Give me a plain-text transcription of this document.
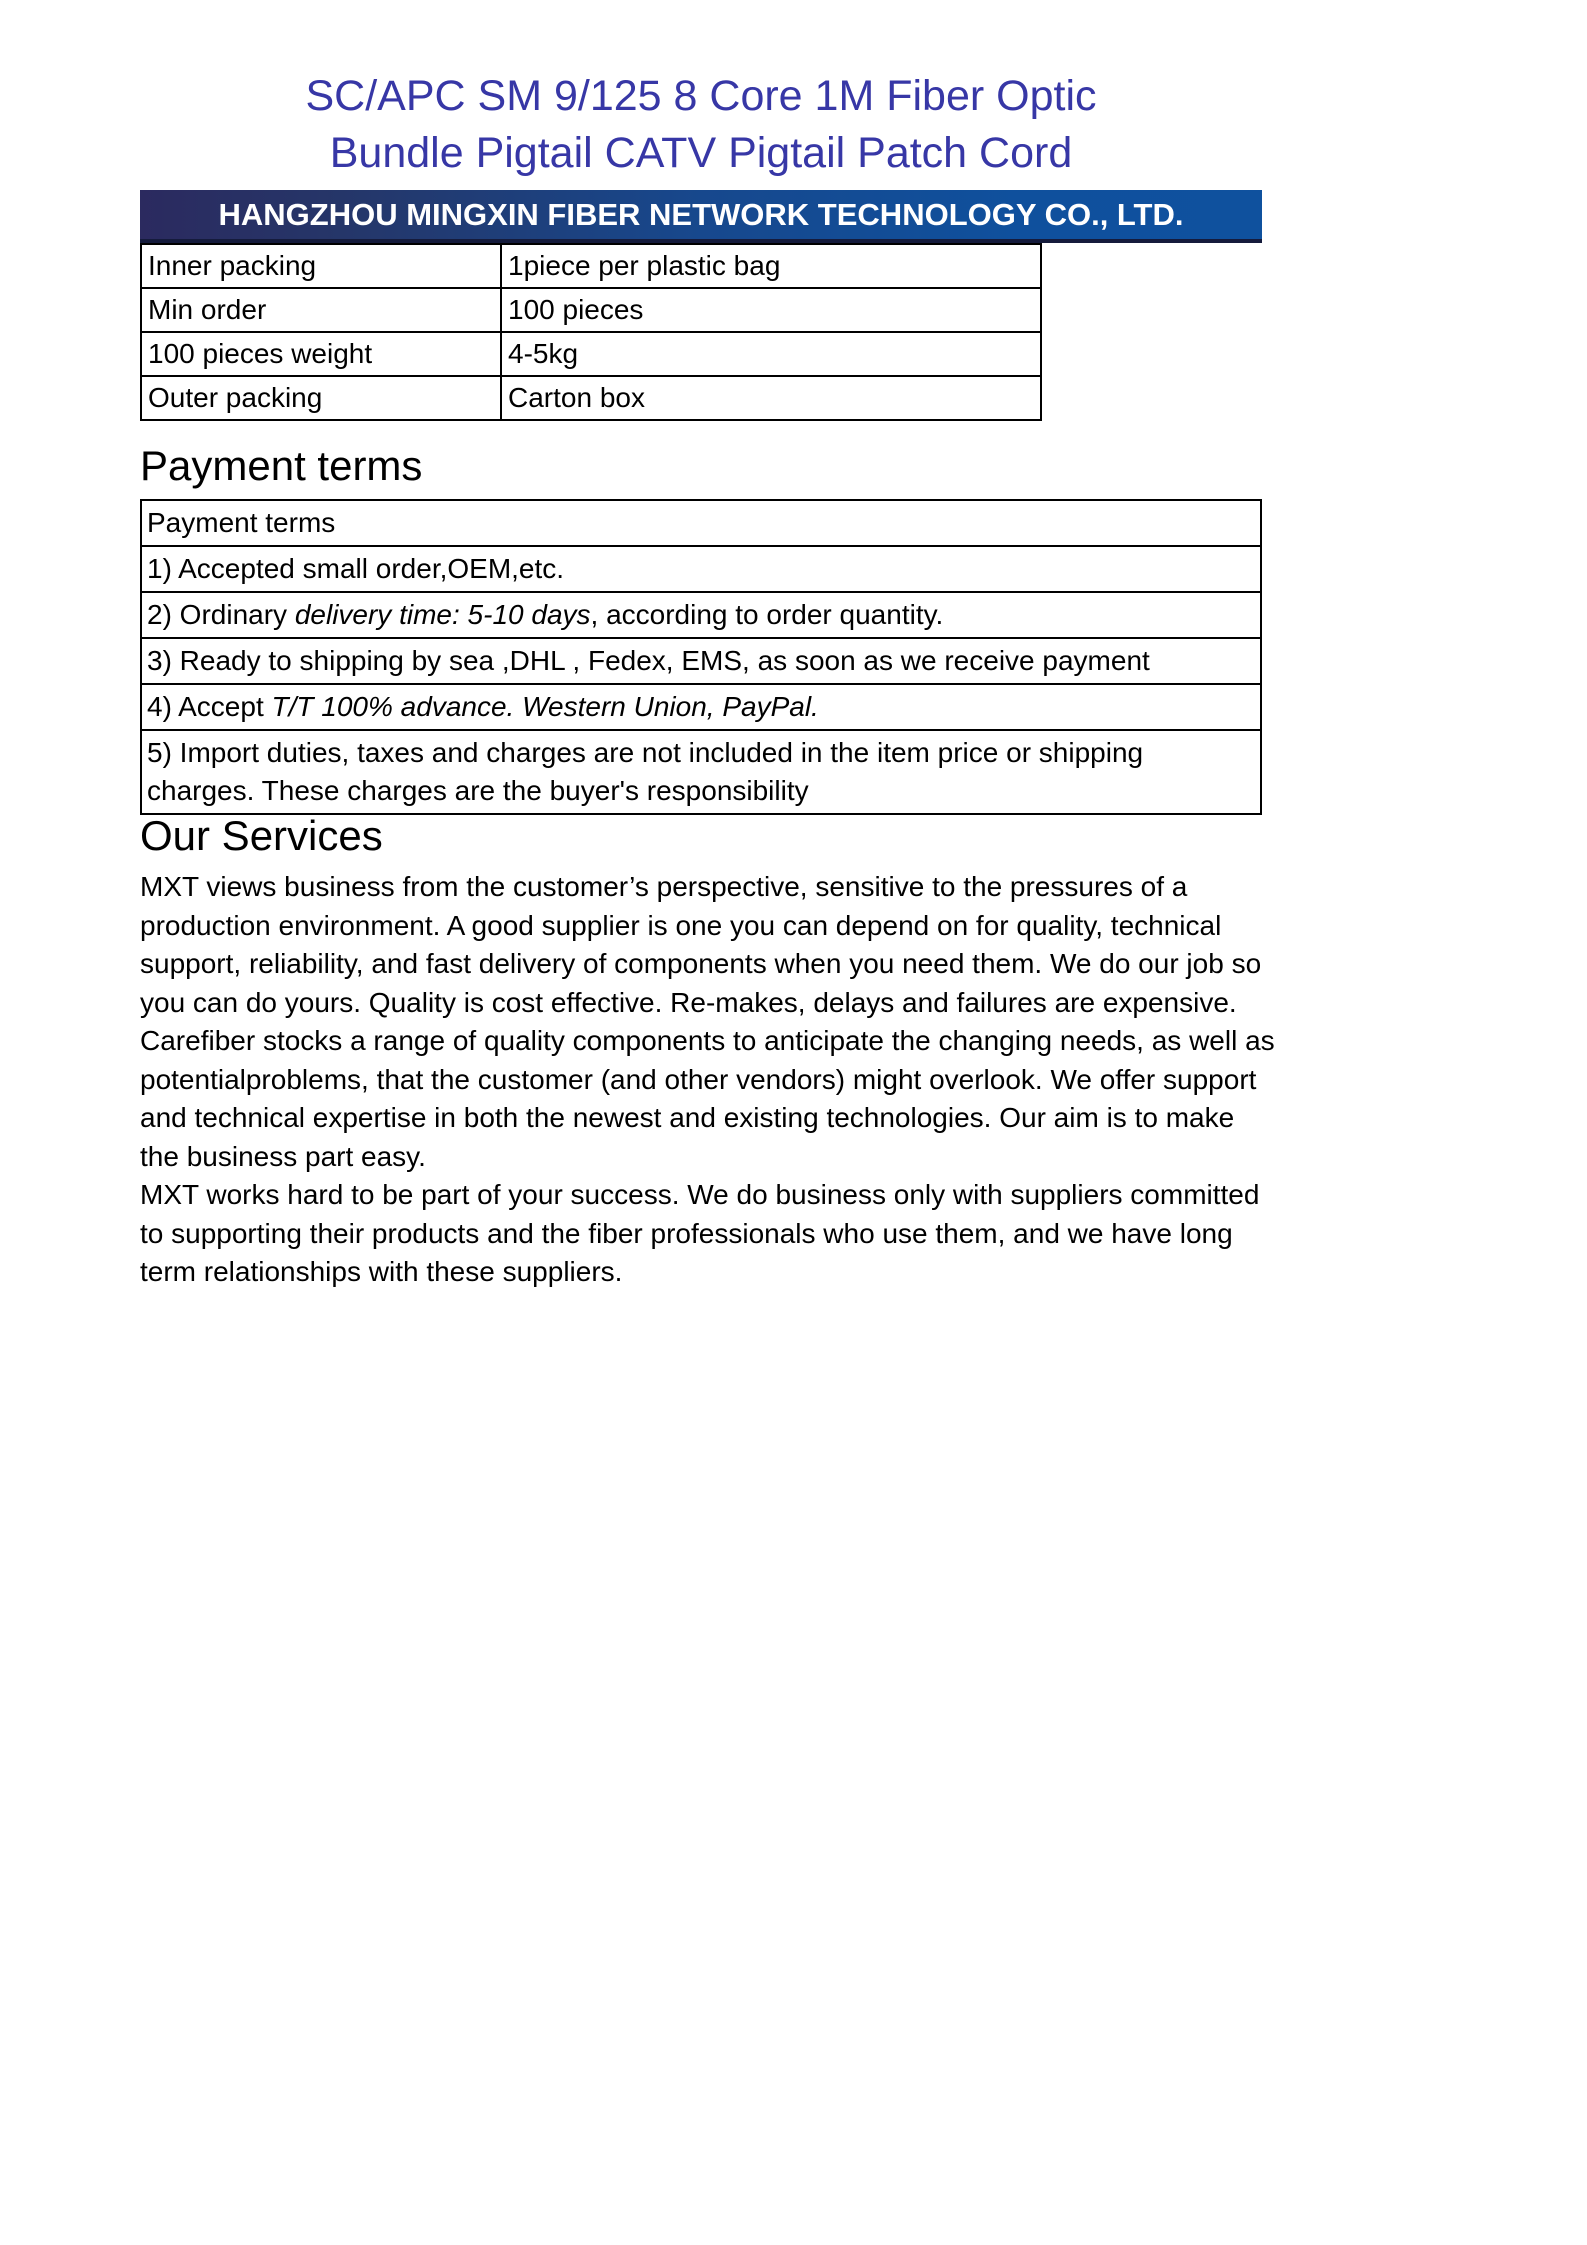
SC/APC SM 9/125 8 Core 1M Fiber Optic
Bundle Pigtail CATV Pigtail Patch Cord
HANGZHOU MINGXIN FIBER NETWORK TECHNOLOGY CO., LTD.
Inner packing	1piece per plastic bag
Min order	100 pieces
100 pieces weight	4-5kg
Outer packing	Carton box
Payment terms
Payment terms
1) Accepted small order,OEM,etc.
2) Ordinary delivery time: 5-10 days, according to order quantity.
3) Ready to shipping by sea ,DHL , Fedex, EMS, as soon as we receive payment
4) Accept T/T 100% advance. Western Union, PayPal.
5) Import duties, taxes and charges are not included in the item price or shipping charges. These charges are the buyer's responsibility
Our Services

MXT views business from the customer’s perspective, sensitive to the pressures of a production environment. A good supplier is one you can depend on for quality, technical support, reliability, and fast delivery of components when you need them. We do our job so you can do yours. Quality is cost effective. Re-makes, delays and failures are expensive. Carefiber stocks a range of quality components to anticipate the changing needs, as well as potentialproblems, that the customer (and other vendors) might overlook. We offer support and technical expertise in both the newest and existing technologies. Our aim is to make the business part easy.

MXT works hard to be part of your success. We do business only with suppliers committed to supporting their products and the fiber professionals who use them, and we have long term relationships with these suppliers.
